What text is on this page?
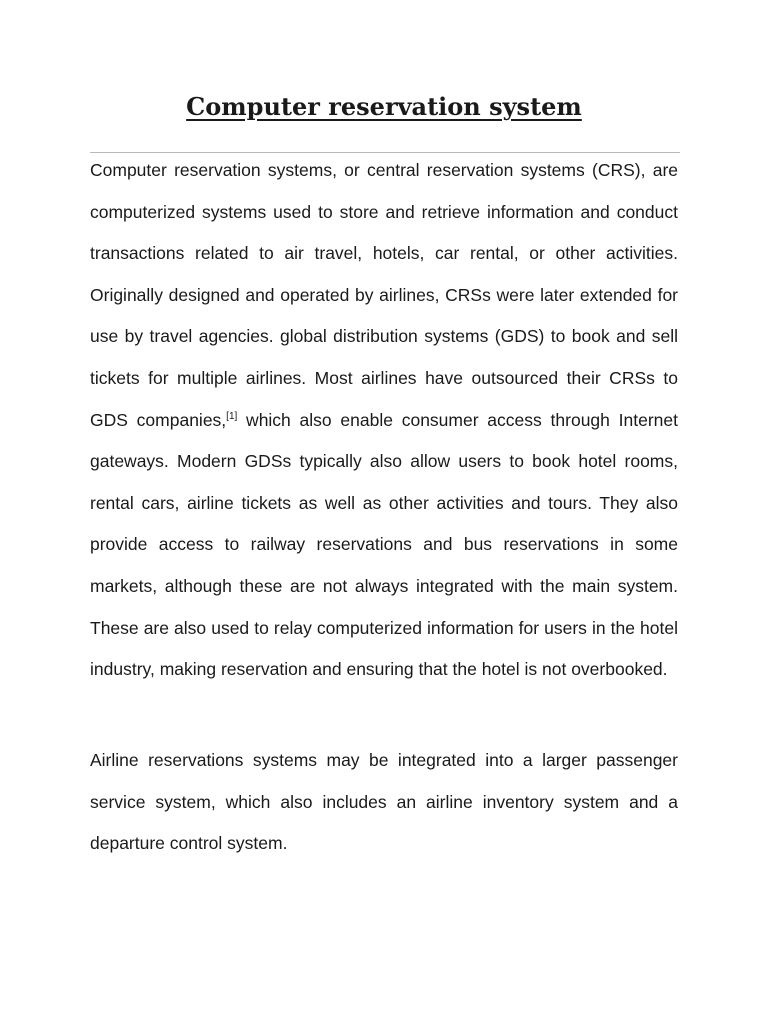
Computer reservation system

Computer reservation systems, or central reservation systems (CRS), are computerized systems used to store and retrieve information and conduct transactions related to air travel, hotels, car rental, or other activities. Originally designed and operated by airlines, CRSs were later extended for use by travel agencies. global distribution systems (GDS) to book and sell tickets for multiple airlines. Most airlines have outsourced their CRSs to GDS companies,[1] which also enable consumer access through Internet gateways. Modern GDSs typically also allow users to book hotel rooms, rental cars, airline tickets as well as other activities and tours. They also provide access to railway reservations and bus reservations in some markets, although these are not always integrated with the main system. These are also used to relay computerized information for users in the hotel industry, making reservation and ensuring that the hotel is not overbooked.

Airline reservations systems may be integrated into a larger passenger service system, which also includes an airline inventory system and a departure control system.
